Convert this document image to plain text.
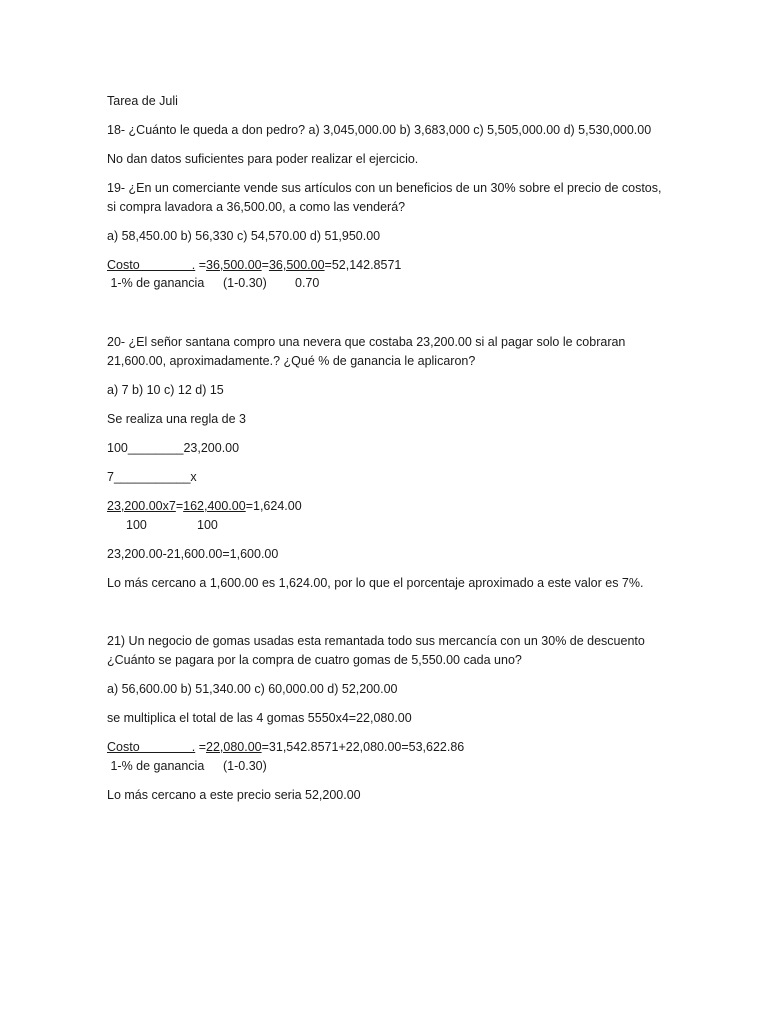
Tarea de Juli
18- ¿Cuánto le queda a don pedro? a) 3,045,000.00 b) 3,683,000 c) 5,505,000.00 d) 5,530,000.00
No dan datos suficientes para poder realizar el ejercicio.
19- ¿En un comerciante vende sus artículos con un beneficios de un 30% sobre el precio de costos,
si compra lavadora a 36,500.00, a como las venderá?
a) 58,450.00 b) 56,330 c) 54,570.00 d) 51,950.00
Costo               . =36,500.00=36,500.00=52,142.8571
1-% de ganancia (1-0.30) 0.70
20- ¿El señor santana compro una nevera que costaba 23,200.00 si al pagar solo le cobraran
21,600.00, aproximadamente.? ¿Qué % de ganancia le aplicaron?
a) 7 b) 10 c) 12 d) 15
Se realiza una regla de 3
100________23,200.00
7___________x
23,200.00x7=162,400.00=1,624.00
100	100
23,200.00-21,600.00=1,600.00
Lo más cercano a 1,600.00 es 1,624.00, por lo que el porcentaje aproximado a este valor es 7%.
21) Un negocio de gomas usadas esta remantada todo sus mercancía con un 30% de descuento
¿Cuánto se pagara por la compra de cuatro gomas de 5,550.00 cada uno?
a) 56,600.00 b) 51,340.00 c) 60,000.00 d) 52,200.00
se multiplica el total de las 4 gomas 5550x4=22,080.00
Costo               . =22,080.00=31,542.8571+22,080.00=53,622.86
1-% de ganancia (1-0.30)
Lo más cercano a este precio seria 52,200.00
